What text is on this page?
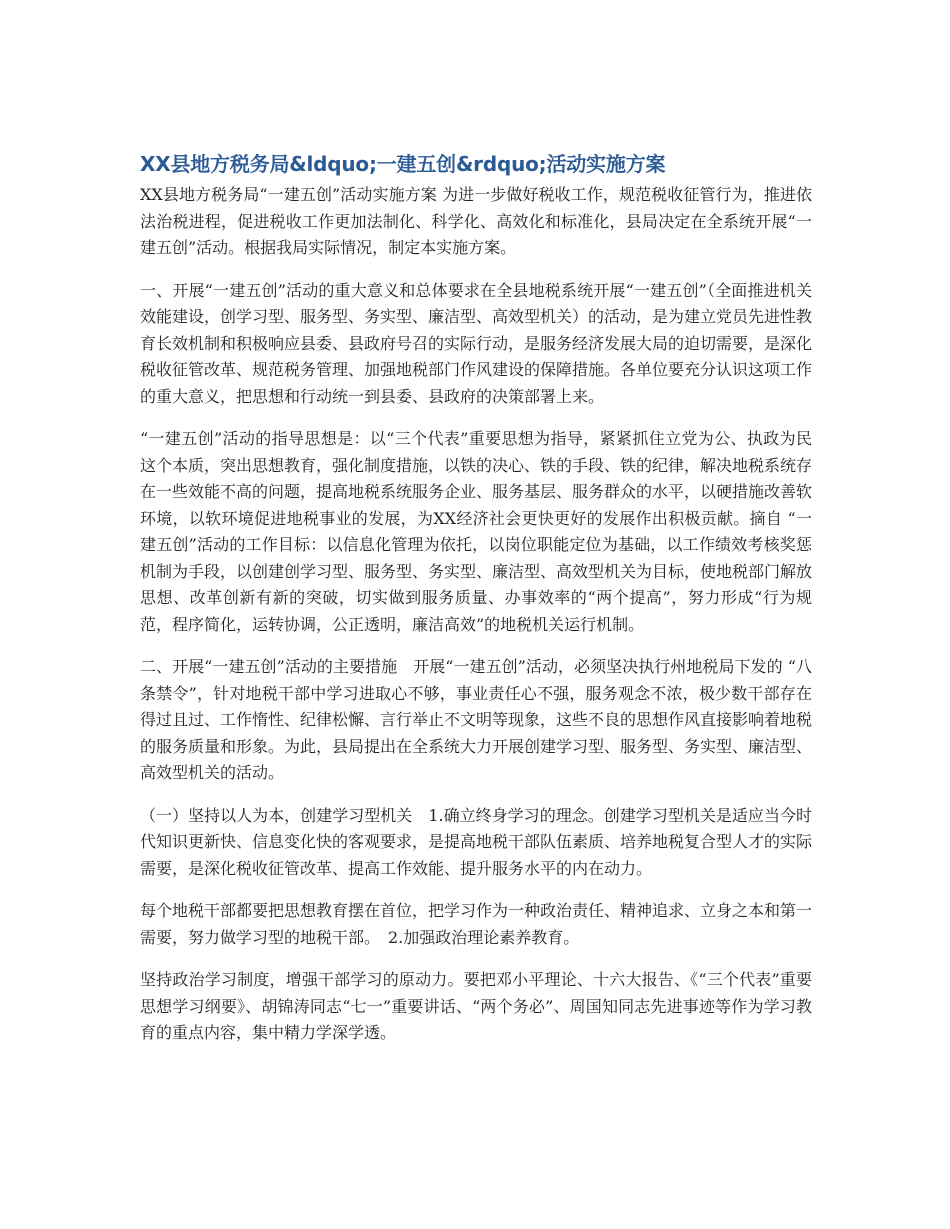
XX县地方税务局&ldquo;一建五创&rdquo;活动实施方案

XX县地方税务局“一建五创”活动实施方案 为进一步做好税收工作，规范税收征管行为，推进依法治税进程，促进税收工作更加法制化、科学化、高效化和标准化，县局决定在全系统开展“一建五创”活动。根据我局实际情况，制定本实施方案。

一、开展“一建五创”活动的重大意义和总体要求在全县地税系统开展“一建五创”（全面推进机关效能建设，创学习型、服务型、务实型、廉洁型、高效型机关）的活动，是为建立党员先进性教育长效机制和积极响应县委、县政府号召的实际行动，是服务经济发展大局的迫切需要，是深化税收征管改革、规范税务管理、加强地税部门作风建设的保障措施。各单位要充分认识这项工作的重大意义，把思想和行动统一到县委、县政府的决策部署上来。

“一建五创”活动的指导思想是：以“三个代表”重要思想为指导，紧紧抓住立党为公、执政为民这个本质，突出思想教育，强化制度措施，以铁的决心、铁的手段、铁的纪律，解决地税系统存在一些效能不高的问题，提高地税系统服务企业、服务基层、服务群众的水平，以硬措施改善软环境，以软环境促进地税事业的发展，为XX经济社会更快更好的发展作出积极贡献。摘自 “一建五创”活动的工作目标：以信息化管理为依托，以岗位职能定位为基础，以工作绩效考核奖惩机制为手段，以创建创学习型、服务型、务实型、廉洁型、高效型机关为目标，使地税部门解放思想、改革创新有新的突破，切实做到服务质量、办事效率的“两个提高”，努力形成“行为规范，程序简化，运转协调，公正透明，廉洁高效”的地税机关运行机制。

二、开展“一建五创”活动的主要措施　开展“一建五创”活动，必须坚决执行州地税局下发的 “八条禁令”，针对地税干部中学习进取心不够，事业责任心不强，服务观念不浓，极少数干部存在得过且过、工作惰性、纪律松懈、言行举止不文明等现象，这些不良的思想作风直接影响着地税的服务质量和形象。为此，县局提出在全系统大力开展创建学习型、服务型、务实型、廉洁型、高效型机关的活动。

（一）坚持以人为本，创建学习型机关　1.确立终身学习的理念。创建学习型机关是适应当今时代知识更新快、信息变化快的客观要求，是提高地税干部队伍素质、培养地税复合型人才的实际需要，是深化税收征管改革、提高工作效能、提升服务水平的内在动力。

每个地税干部都要把思想教育摆在首位，把学习作为一种政治责任、精神追求、立身之本和第一需要，努力做学习型的地税干部。　2.加强政治理论素养教育。

坚持政治学习制度，增强干部学习的原动力。要把邓小平理论、十六大报告、《“三个代表”重要思想学习纲要》、胡锦涛同志“七一”重要讲话、“两个务必”、周国知同志先进事迹等作为学习教育的重点内容，集中精力学深学透。
